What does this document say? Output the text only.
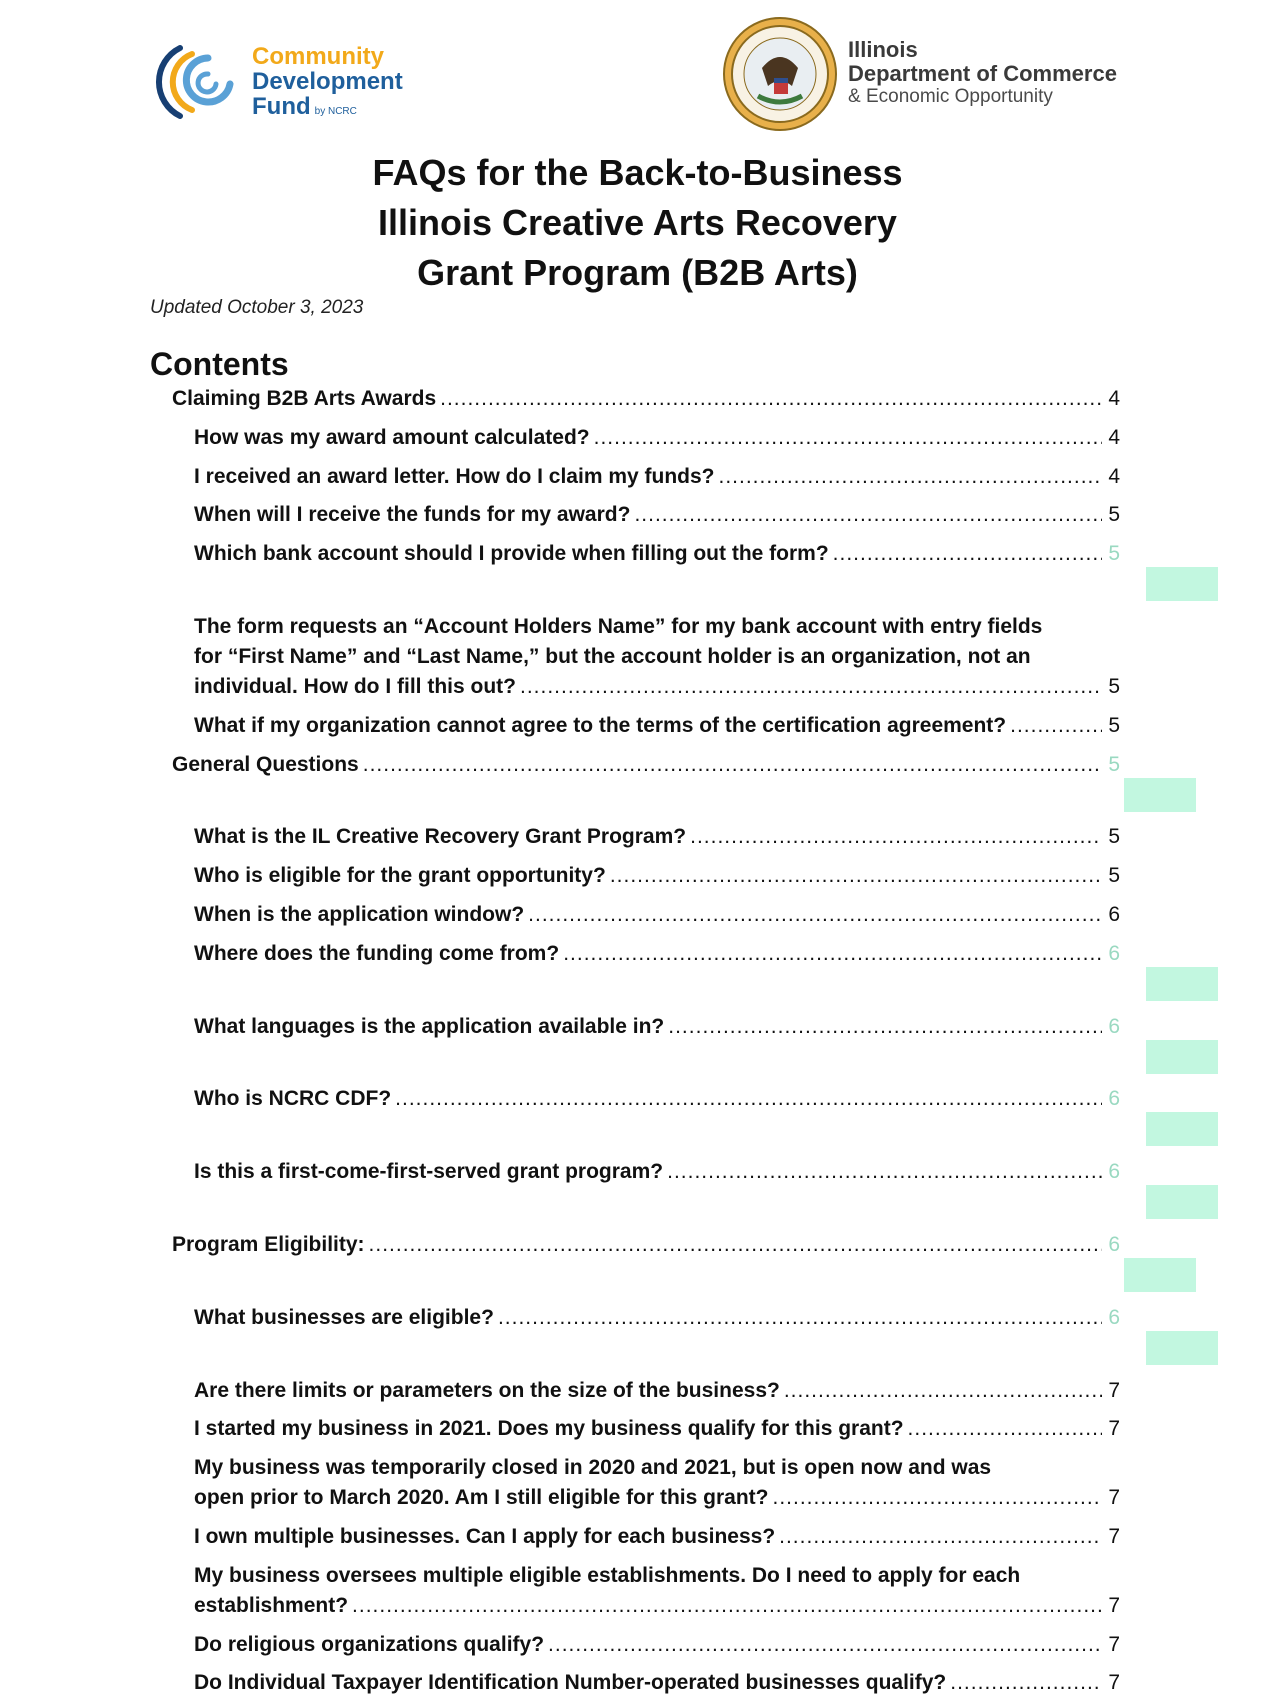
Community
Development
Fund by NCRC
Illinois
Department of Commerce
& Economic Opportunity
FAQs for the Back-to-Business
Illinois Creative Arts Recovery
Grant Program (B2B Arts)
Updated October 3, 2023
Contents
Claiming B2B Arts Awards .....	4
How was my award amount calculated? .....	4
I received an award letter. How do I claim my funds? .....	4
When will I receive the funds for my award? .....	5
Which bank account should I provide when filling out the form? .....	5
The form requests an “Account Holders Name” for my bank account with entry fields
for “First Name” and “Last Name,” but the account holder is an organization, not an
individual. How do I fill this out? .....	5
What if my organization cannot agree to the terms of the certification agreement? .....	5
General Questions .....	5
What is the IL Creative Recovery Grant Program? .....	5
Who is eligible for the grant opportunity? .....	5
When is the application window? .....	6
Where does the funding come from? .....	6
What languages is the application available in? .....	6
Who is NCRC CDF? .....	6
Is this a first-come-first-served grant program? .....	6
Program Eligibility: .....	6
What businesses are eligible? .....	6
Are there limits or parameters on the size of the business? .....	7
I started my business in 2021. Does my business qualify for this grant? .....	7
My business was temporarily closed in 2020 and 2021, but is open now and was
open prior to March 2020. Am I still eligible for this grant? .....	7
I own multiple businesses. Can I apply for each business? .....	7
My business oversees multiple eligible establishments. Do I need to apply for each
establishment? .....	7
Do religious organizations qualify? .....	7
Do Individual Taxpayer Identification Number-operated businesses qualify? .....	7
